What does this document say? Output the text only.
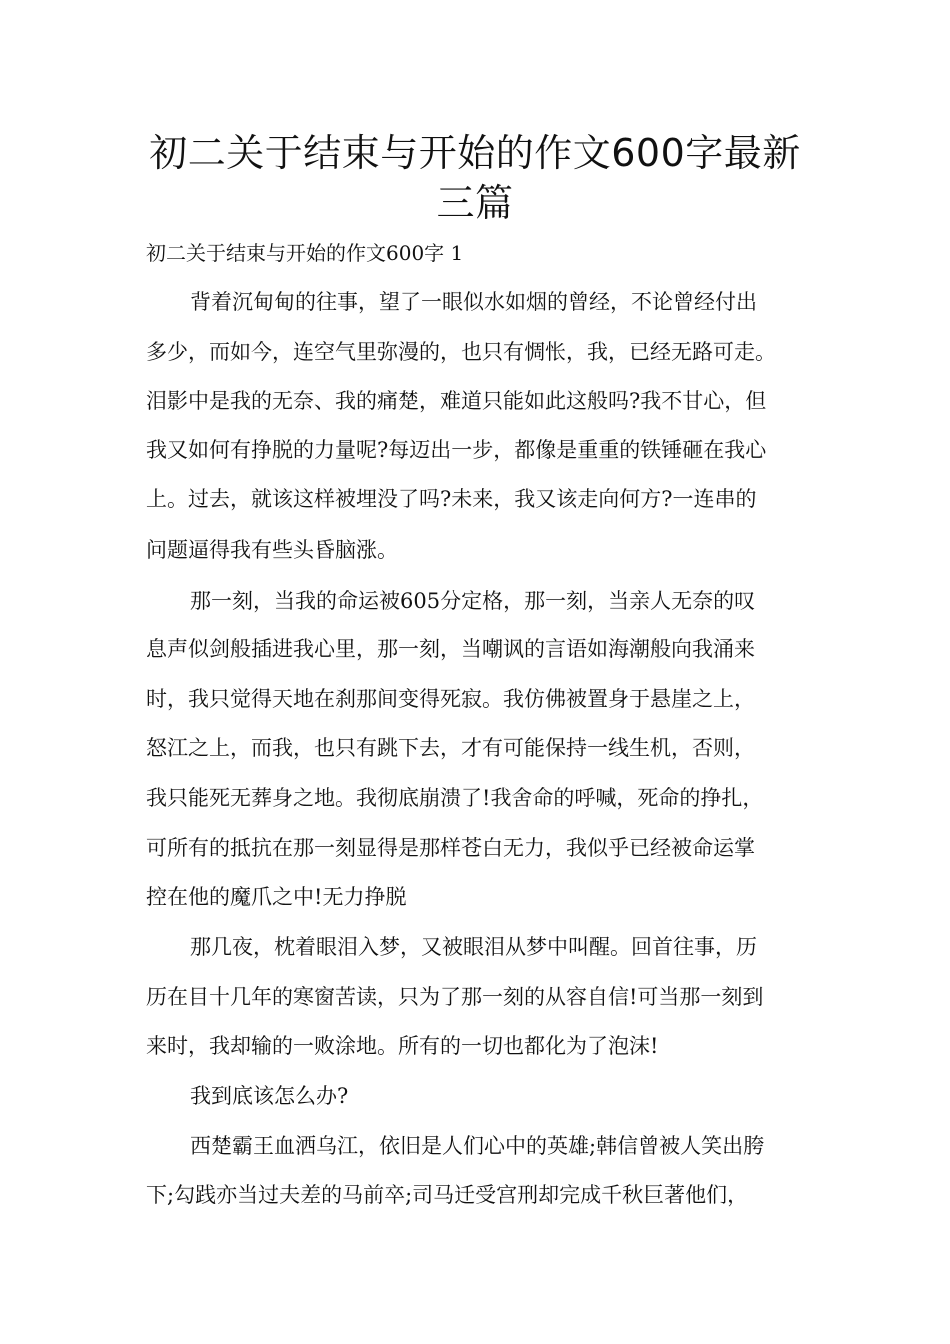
初二关于结束与开始的作文600字最新
三篇
初二关于结束与开始的作文600字 1

背着沉甸甸的往事，望了一眼似水如烟的曾经，不论曾经付出

多少，而如今，连空气里弥漫的，也只有惆怅，我，已经无路可走。

泪影中是我的无奈、我的痛楚，难道只能如此这般吗?我不甘心，但

我又如何有挣脱的力量呢?每迈出一步，都像是重重的铁锤砸在我心

上。过去，就该这样被埋没了吗?未来，我又该走向何方?一连串的

问题逼得我有些头昏脑涨。

那一刻，当我的命运被605分定格，那一刻，当亲人无奈的叹

息声似剑般插进我心里，那一刻，当嘲讽的言语如海潮般向我涌来

时，我只觉得天地在刹那间变得死寂。我仿佛被置身于悬崖之上，

怒江之上，而我，也只有跳下去，才有可能保持一线生机，否则，

我只能死无葬身之地。我彻底崩溃了!我舍命的呼喊，死命的挣扎，

可所有的抵抗在那一刻显得是那样苍白无力，我似乎已经被命运掌

控在他的魔爪之中!无力挣脱

那几夜，枕着眼泪入梦，又被眼泪从梦中叫醒。回首往事，历

历在目十几年的寒窗苦读，只为了那一刻的从容自信!可当那一刻到

来时，我却输的一败涂地。所有的一切也都化为了泡沫!

我到底该怎么办?

西楚霸王血洒乌江，依旧是人们心中的英雄;韩信曾被人笑出胯

下;勾践亦当过夫差的马前卒;司马迁受宫刑却完成千秋巨著他们，
